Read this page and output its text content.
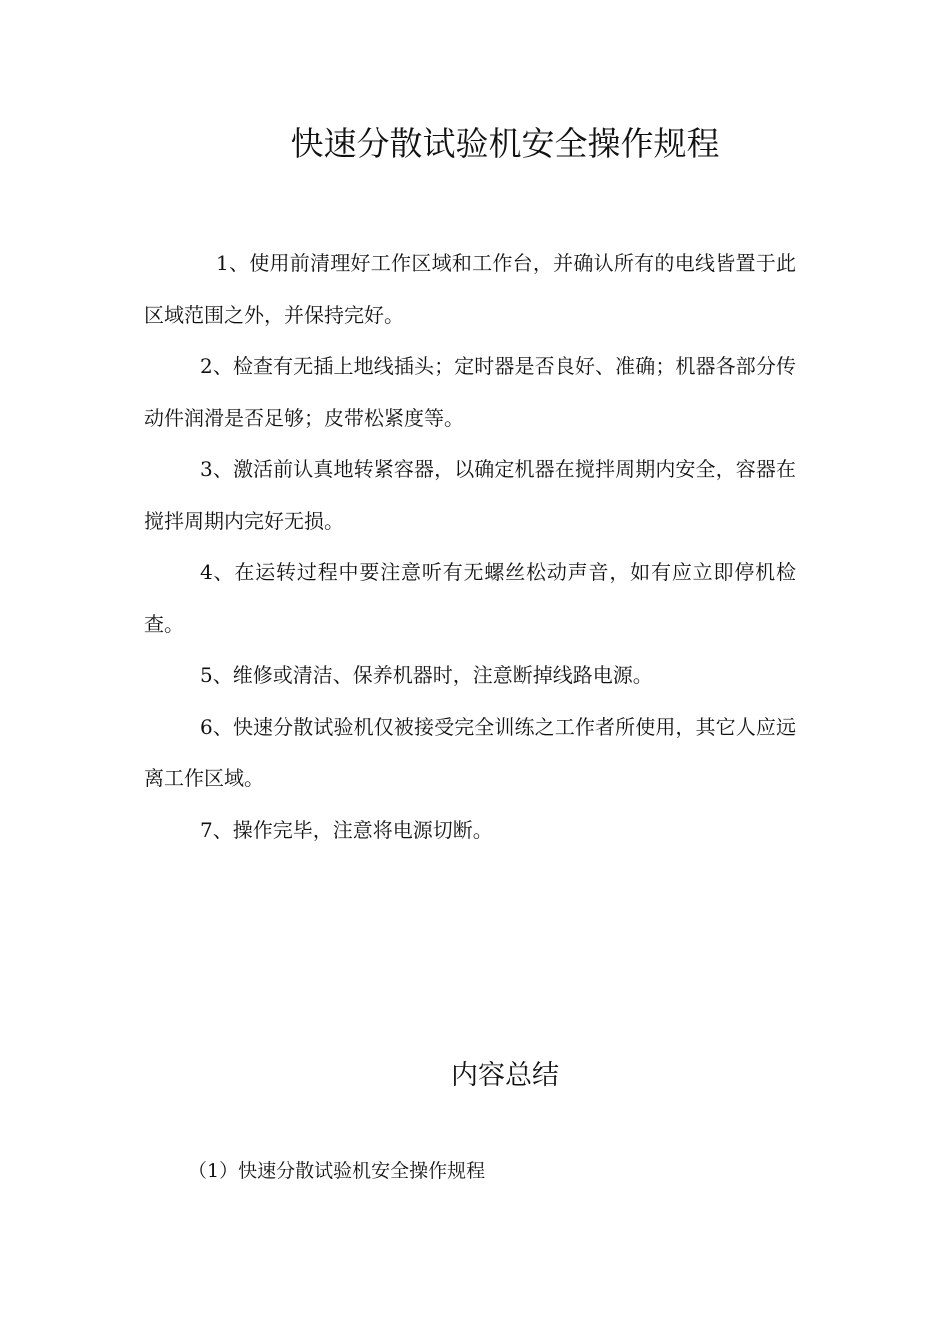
快速分散试验机安全操作规程

1、使用前清理好工作区域和工作台，并确认所有的电线皆置于此区域范围之外，并保持完好。

2、检查有无插上地线插头；定时器是否良好、准确；机器各部分传动件润滑是否足够；皮带松紧度等。

3、激活前认真地转紧容器，以确定机器在搅拌周期内安全，容器在搅拌周期内完好无损。

4、在运转过程中要注意听有无螺丝松动声音，如有应立即停机检查。

5、维修或清洁、保养机器时，注意断掉线路电源。

6、快速分散试验机仅被接受完全训练之工作者所使用，其它人应远离工作区域。

7、操作完毕，注意将电源切断。

内容总结

（1）快速分散试验机安全操作规程
